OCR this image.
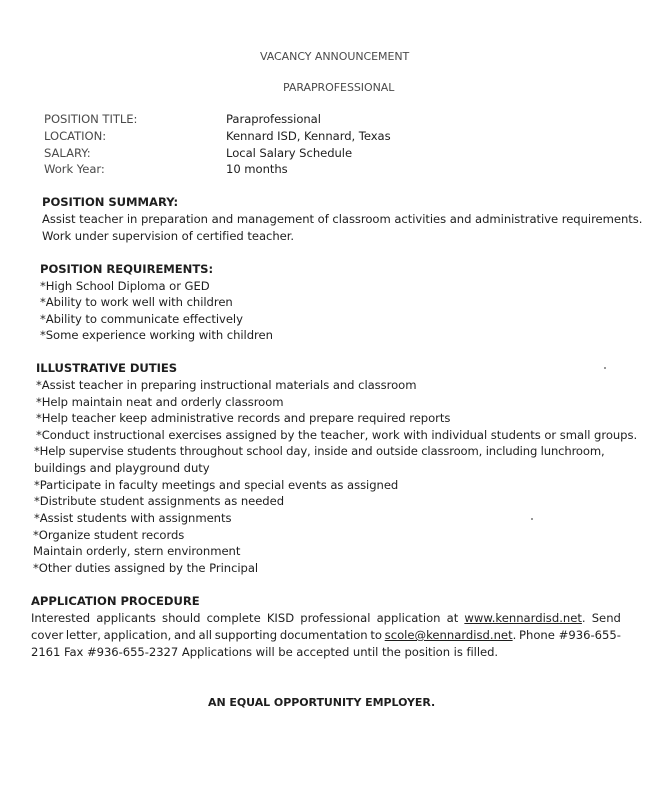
VACANCY ANNOUNCEMENT
PARAPROFESSIONAL
POSITION TITLE:	Paraprofessional
LOCATION:	Kennard ISD, Kennard, Texas
SALARY:	Local Salary Schedule
Work Year:	10 months
POSITION SUMMARY:
Assist teacher in preparation and management of classroom activities and administrative requirements.
Work under supervision of certified teacher.
POSITION REQUIREMENTS:
*High School Diploma or GED
*Ability to work well with children
*Ability to communicate effectively
*Some experience working with children
ILLUSTRATIVE DUTIES
*Assist teacher in preparing instructional materials and classroom
*Help maintain neat and orderly classroom
*Help teacher keep administrative records and prepare required reports
*Conduct instructional exercises assigned by the teacher, work with individual students or small groups.
*Help supervise students throughout school day, inside and outside classroom, including lunchroom,
buildings and playground duty
*Participate in faculty meetings and special events as assigned
*Distribute student assignments as needed
*Assist students with assignments
*Organize student records
Maintain orderly, stern environment
*Other duties assigned by the Principal
APPLICATION PROCEDURE
Interested applicants should complete KISD professional application at www.kennardisd.net. Send
cover letter, application, and all supporting documentation to scole@kennardisd.net. Phone #936-655-
2161 Fax #936-655-2327 Applications will be accepted until the position is filled.
AN EQUAL OPPORTUNITY EMPLOYER.
